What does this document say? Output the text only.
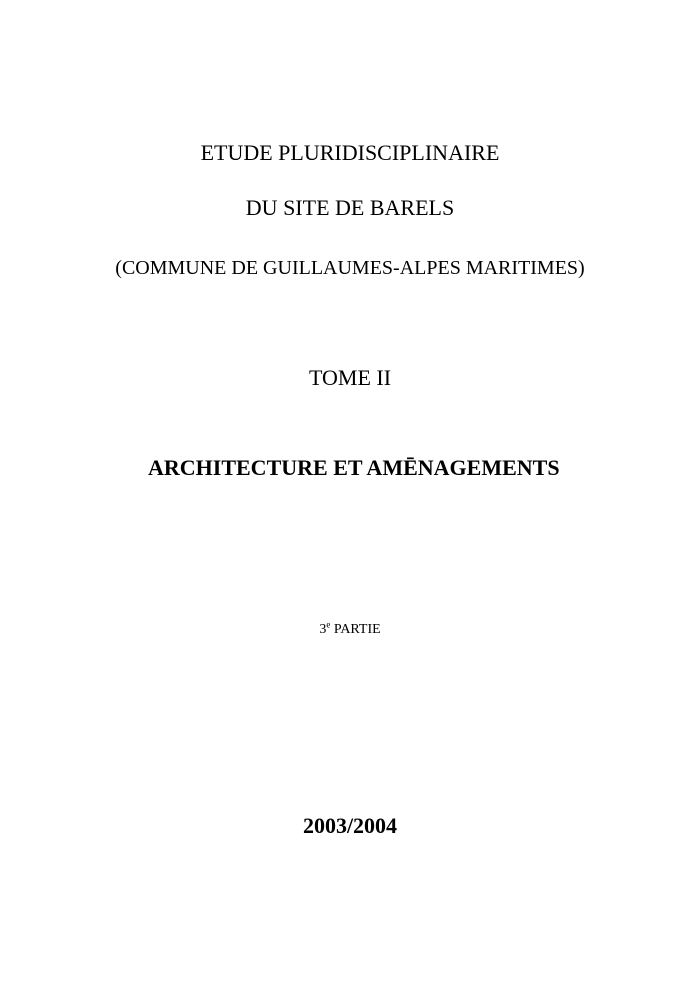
ETUDE PLURIDISCIPLINAIRE
DU SITE DE BARELS
(COMMUNE DE GUILLAUMES-ALPES MARITIMES)
TOME II
ARCHITECTURE ET AMĒNAGEMENTS
3e PARTIE
2003/2004
